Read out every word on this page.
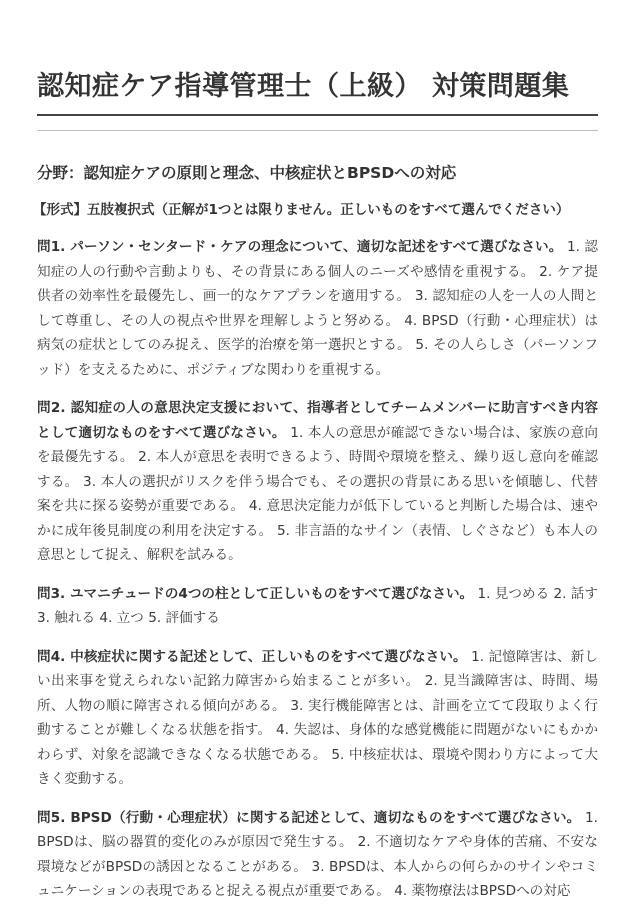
認知症ケア指導管理士（上級） 対策問題集
分野：認知症ケアの原則と理念、中核症状とBPSDへの対応

【形式】五肢複択式（正解が1つとは限りません。正しいものをすべて選んでください）

問1. パーソン・センタード・ケアの理念について、適切な記述をすべて選びなさい。 1. 認知症の人の行動や言動よりも、その背景にある個人のニーズや感情を重視する。 2. ケア提供者の効率性を最優先し、画一的なケアプランを適用する。 3. 認知症の人を一人の人間として尊重し、その人の視点や世界を理解しようと努める。 4. BPSD（行動・心理症状）は病気の症状としてのみ捉え、医学的治療を第一選択とする。 5. その人らしさ（パーソンフッド）を支えるために、ポジティブな関わりを重視する。

問2. 認知症の人の意思決定支援において、指導者としてチームメンバーに助言すべき内容として適切なものをすべて選びなさい。 1. 本人の意思が確認できない場合は、家族の意向を最優先する。 2. 本人が意思を表明できるよう、時間や環境を整え、繰り返し意向を確認する。 3. 本人の選択がリスクを伴う場合でも、その選択の背景にある思いを傾聴し、代替案を共に探る姿勢が重要である。 4. 意思決定能力が低下していると判断した場合は、速やかに成年後見制度の利用を決定する。 5. 非言語的なサイン（表情、しぐさなど）も本人の意思として捉え、解釈を試みる。

問3. ユマニチュードの4つの柱として正しいものをすべて選びなさい。 1. 見つめる 2. 話す 3. 触れる 4. 立つ 5. 評価する

問4. 中核症状に関する記述として、正しいものをすべて選びなさい。 1. 記憶障害は、新しい出来事を覚えられない記銘力障害から始まることが多い。 2. 見当識障害は、時間、場所、人物の順に障害される傾向がある。 3. 実行機能障害とは、計画を立てて段取りよく行動することが難しくなる状態を指す。 4. 失認は、身体的な感覚機能に問題がないにもかかわらず、対象を認識できなくなる状態である。 5. 中核症状は、環境や関わり方によって大きく変動する。

問5. BPSD（行動・心理症状）に関する記述として、適切なものをすべて選びなさい。 1. BPSDは、脳の器質的変化のみが原因で発生する。 2. 不適切なケアや身体的苦痛、不安な環境などがBPSDの誘因となることがある。 3. BPSDは、本人からの何らかのサインやコミュニケーションの表現であると捉える視点が重要である。 4. 薬物療法はBPSDへの対応
